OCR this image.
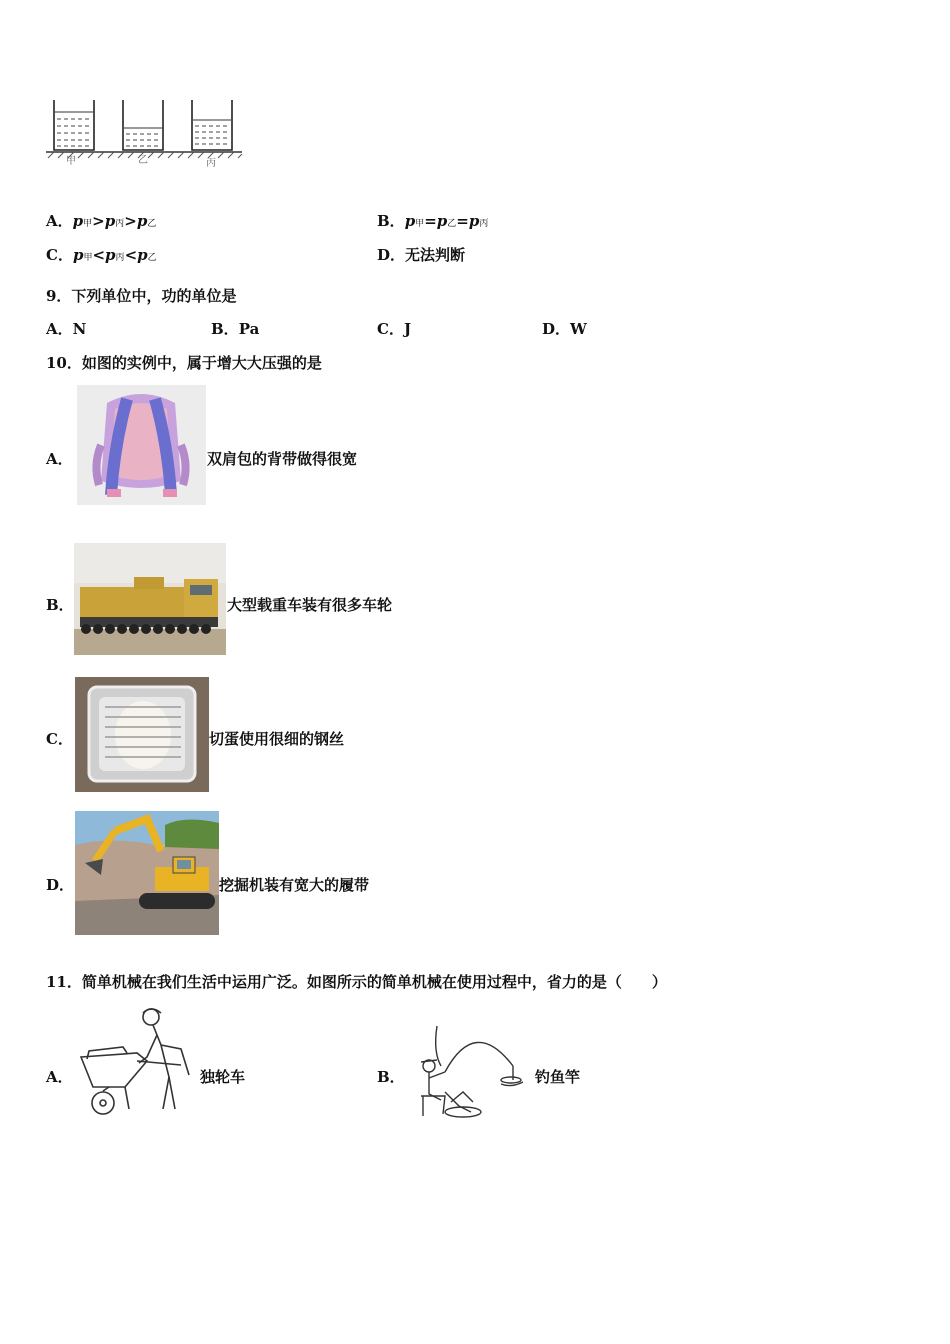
甲	乙	丙
A．p甲>p丙>p乙	B．p甲=p乙=p丙
C．p甲<p丙<p乙	D．无法判断
9．下列单位中，功的单位是
A．N	B．Pa	C．J	D．W
10．如图的实例中，属于增大大压强的是
A．	双肩包的背带做得很宽
B．	大型载重车装有很多车轮
C．	切蛋使用很细的钢丝
D．	挖掘机装有宽大的履带
11．简单机械在我们生活中运用广泛。如图所示的简单机械在使用过程中，省力的是（　　）
A．	独轮车	B．	钓鱼竿
